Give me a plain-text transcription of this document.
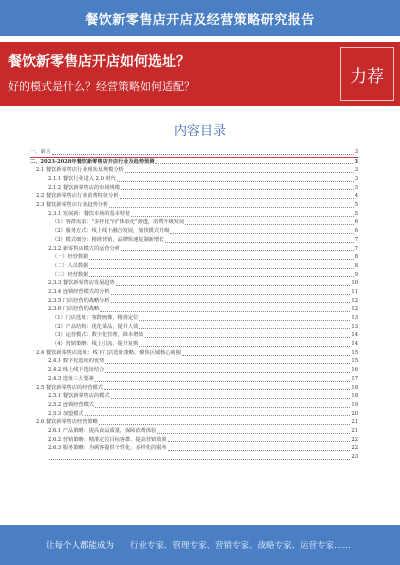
餐饮新零售店开店及经营策略研究报告
餐饮新零售店开店如何选址？
好的模式是什么？经营策略如何适配？	力荐
内容目录
一、前言	3
二、2023-2028年餐饮新零售店开店行业及趋势预测	3
2.1 餐饮新零售店行业现状及规模分析	3
2.1.1 餐饮行业进入 2.0 时代	3
2.1.2 餐饮新零售店的市场规模	3
2.2 餐饮新零售店行业消费特征分析	4
2.3 餐饮新零售店行业趋势分析	5
2.3.1 发展新：餐饮市场的基本特征	5
（1）客群需求："多样化"向"体验化"渗透，消费升级发展	6
（2）服务方式：线上线下融合发展，加快模式升级	6
（3）模式细分：精准营销，品牌快速复制新增长	7
2.3.2 新零售店模式的运营分析	7
（一）经营数据	8
（二）人员数据	8
（三）经营数据	9
2.3.3 餐饮新零售店发展趋势	10
2.3.4 连锁经营模式的分析	11
2.3.5 门店经营的战略分析	12
2.3.6 门店经营的战略	12
（1）门店选址：客群画像，精准定位	13
（2）产品结构：优化菜品，提升人效	13
（3）运营模式：数字化管理，降本增效	14
（4）营销策略：线上引流，提升复购	14
2.4 餐饮新零售店选址：线下门店选址策略，聚焦区域核心商圈	15
2.4.1 数字化选址的优势	15
2.4.2 线上线下选址结合	16
2.4.3 选址三大要素	17
2.5 餐饮新零售店的经营模式	18
2.5.1 餐饮新零售店的模式	18
2.5.2 连锁经营模式	19
2.5.3 加盟模式	20
2.6 餐饮新零售店经营策略	21
2.6.1 产品策略：提高食品质量，保障消费体验	21
2.6.2 营销策略：精准定位目标客群，提高营销效果	22
2.6.3 服务策略：为顾客提供个性化、多样化的服务	22
23
让每个人都能成为 行业专家、管理专家、营销专家、战略专家、运营专家……
